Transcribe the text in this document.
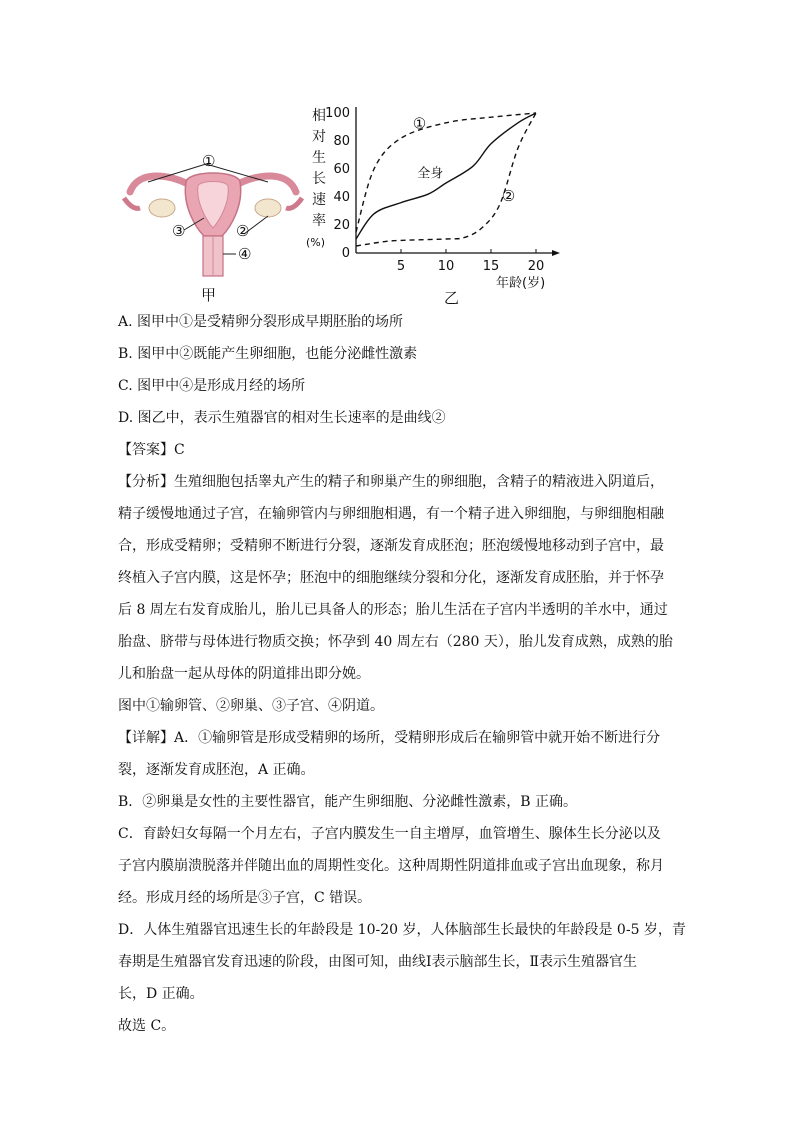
①
③	②
④
甲
相
对
生
长
速
率
(%)
0
20
40
60
80
100
5	10 15 20
年龄(岁)
①
全身
②
乙
A. 图甲中①是受精卵分裂形成早期胚胎的场所
B. 图甲中②既能产生卵细胞，也能分泌雌性激素
C. 图甲中④是形成月经的场所
D. 图乙中，表示生殖器官的相对生长速率的是曲线②
【答案】C
【分析】生殖细胞包括睾丸产生的精子和卵巢产生的卵细胞，含精子的精液进入阴道后，
精子缓慢地通过子宫，在输卵管内与卵细胞相遇，有一个精子进入卵细胞，与卵细胞相融
合，形成受精卵；受精卵不断进行分裂，逐渐发育成胚泡；胚泡缓慢地移动到子宫中，最
终植入子宫内膜，这是怀孕；胚泡中的细胞继续分裂和分化，逐渐发育成胚胎，并于怀孕
后 8 周左右发育成胎儿，胎儿已具备人的形态；胎儿生活在子宫内半透明的羊水中，通过
胎盘、脐带与母体进行物质交换；怀孕到 40 周左右（280 天），胎儿发育成熟，成熟的胎
儿和胎盘一起从母体的阴道排出即分娩。
图中①输卵管、②卵巢、③子宫、④阴道。
【详解】A．①输卵管是形成受精卵的场所，受精卵形成后在输卵管中就开始不断进行分
裂，逐渐发育成胚泡，A 正确。
B．②卵巢是女性的主要性器官，能产生卵细胞、分泌雌性激素，B 正确。
C．育龄妇女每隔一个月左右，子宫内膜发生一自主增厚，血管增生、腺体生长分泌以及
子宫内膜崩溃脱落并伴随出血的周期性变化。这种周期性阴道排血或子宫出血现象，称月
经。形成月经的场所是③子宫，C 错误。
D．人体生殖器官迅速生长的年龄段是 10-20 岁，人体脑部生长最快的年龄段是 0-5 岁，青
春期是生殖器官发育迅速的阶段，由图可知，曲线Ⅰ表示脑部生长，Ⅱ表示生殖器官生
长，D 正确。
故选 C。
